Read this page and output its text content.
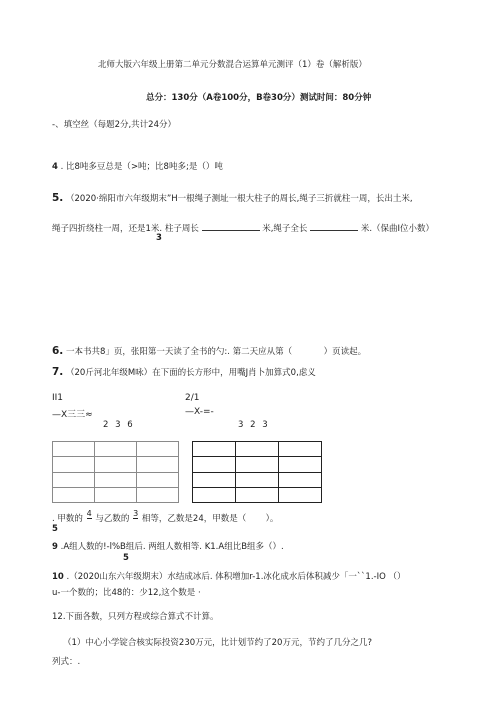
北师大版六年级上册第二单元分数混合运算单元测评（1）卷（解析版）
总分：130分（A卷100分，B卷30分）测试时间：80分钟
-、填空丝（每题2分,共计24分）
4 . 比8吨多豆总是（>吨；比8吨多;是（）吨
5. （2020·绵阳市六年级期末”H一根绳子测址一根大柱子的周长,绳子三折就柱一周，长出土米,
绳子四折绕柱一周，还是1米. 柱子周长	米,绳子全长	米.（保曲Ⅰ位小数）
3
6. 一本书共8」页，张阳第一天读了全书的勺:. 第二天应从第（	）页读起。
7. （20斤河北年级M咏）在下面的长方形中，用嘴J肖卜加算式0,虑义
II1
—X三三≈
2 3 6
2/1
—X-=-
3 2 3

. 甲数的
4

与乙数的
3

相等，乙数是24，甲数是（ ）。
5
9 .A组人数的!-l%B组后. 两组人数相等. K1.A组比B组多（）.
5
10 .（2020山东六年级期末）水结成冰后. 体积增加r-1.冰化成水后体积减少「一``1.-IO （）
u-一个数的；比48的：少12,这个数是 ·
12.下面各数，只列方程或综合算式不计算。
（1）中心小学锭合核实际投资230万元，比计划节约了20万元，节约了几分之几?
列式：.
